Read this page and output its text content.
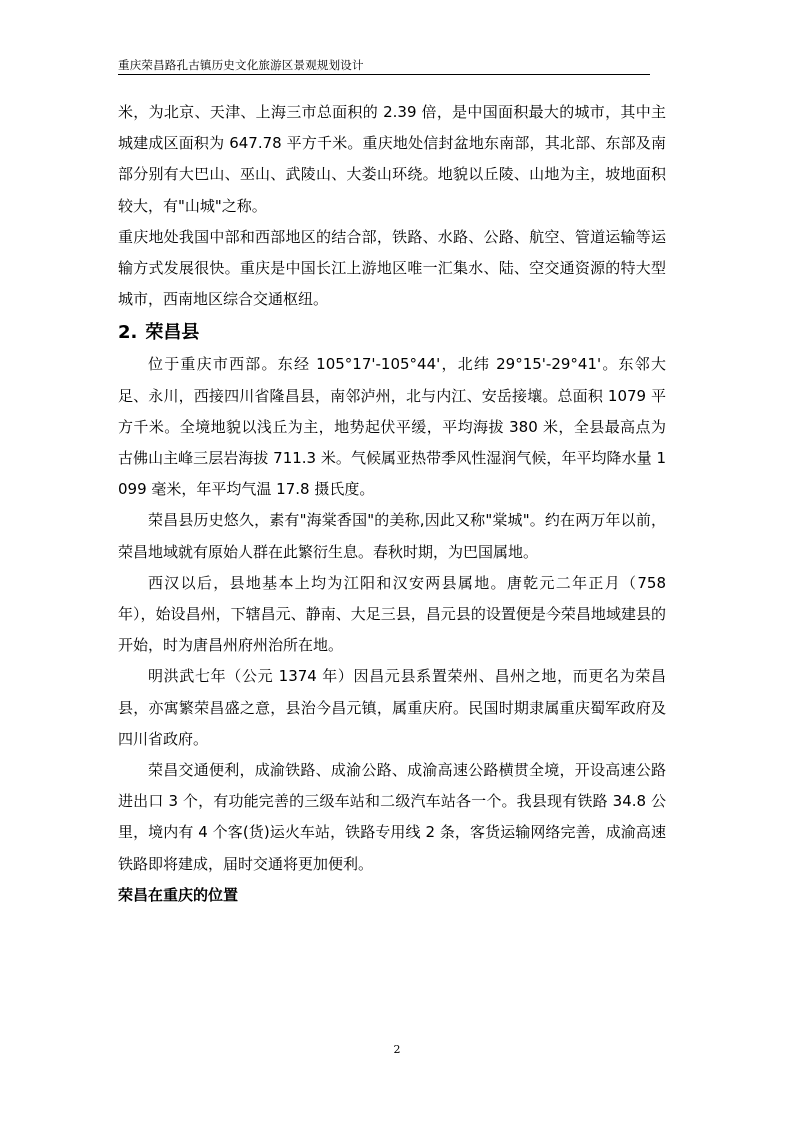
重庆荣昌路孔古镇历史文化旅游区景观规划设计

米，为北京、天津、上海三市总面积的 2.39 倍，是中国面积最大的城市，其中主城建成区面积为 647.78 平方千米。重庆地处信封盆地东南部，其北部、东部及南部分别有大巴山、巫山、武陵山、大娄山环绕。地貌以丘陵、山地为主，坡地面积较大，有"山城"之称。

重庆地处我国中部和西部地区的结合部，铁路、水路、公路、航空、管道运输等运输方式发展很快。重庆是中国长江上游地区唯一汇集水、陆、空交通资源的特大型城市，西南地区综合交通枢纽。

2. 荣昌县

位于重庆市西部。东经 105°17'-105°44'，北纬 29°15'-29°41'。东邻大足、永川，西接四川省隆昌县，南邻泸州，北与内江、安岳接壤。总面积 1079 平方千米。全境地貌以浅丘为主，地势起伏平缓，平均海拔 380 米，全县最高点为古佛山主峰三层岩海拔 711.3 米。气候属亚热带季风性湿润气候，年平均降水量 1099 毫米，年平均气温 17.8 摄氏度。

荣昌县历史悠久，素有"海棠香国"的美称,因此又称"棠城"。约在两万年以前，荣昌地域就有原始人群在此繁衍生息。春秋时期，为巴国属地。

西汉以后，县地基本上均为江阳和汉安两县属地。唐乾元二年正月（758 年），始设昌州，下辖昌元、静南、大足三县，昌元县的设置便是今荣昌地域建县的开始，时为唐昌州府州治所在地。

明洪武七年（公元 1374 年）因昌元县系置荣州、昌州之地，而更名为荣昌县，亦寓繁荣昌盛之意，县治今昌元镇，属重庆府。民国时期隶属重庆蜀军政府及四川省政府。

荣昌交通便利，成渝铁路、成渝公路、成渝高速公路横贯全境，开设高速公路进出口 3 个，有功能完善的三级车站和二级汽车站各一个。我县现有铁路 34.8 公里，境内有 4 个客(货)运火车站，铁路专用线 2 条，客货运输网络完善，成渝高速铁路即将建成，届时交通将更加便利。

荣昌在重庆的位置

2
